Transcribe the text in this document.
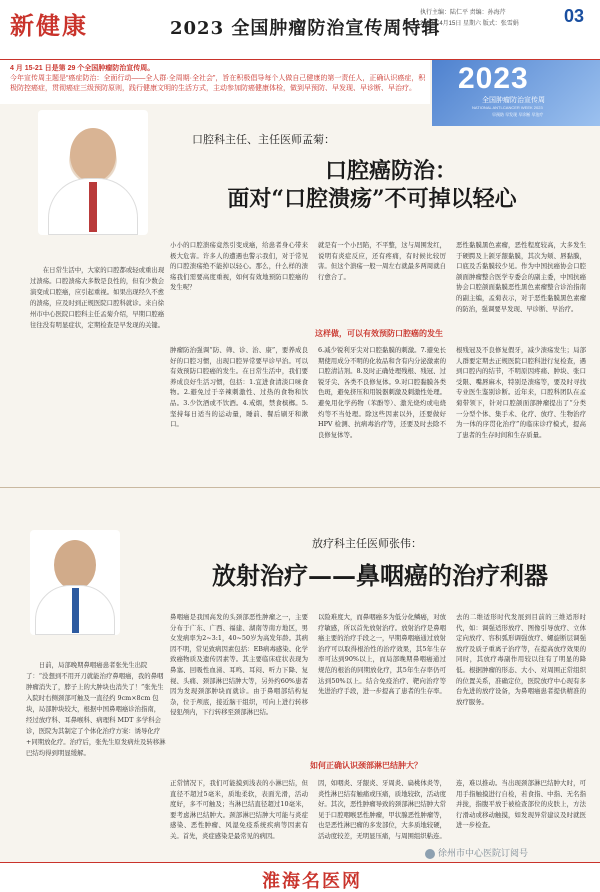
新健康	2023 全国肿瘤防治宣传周特辑
执行主编：陆仁平 责编：孙海芹
2023年4月15日 星期六 版式：张雪娟	03
4 月 15-21 日是第 29 个全国肿瘤防治宣传周。
今年宣传周主题是“癌症防治：全面行动——全人群·全周期·全社会”，旨在积极倡导每个人做自己健康的第一责任人，正确认识癌症，积极防控癌症，贯彻癌症三级预防原则，践行健康文明的生活方式，主动参加防癌健康体检，做到早预防、早发现、早诊断、早治疗。	2023
全国肿瘤防治宣传周
NATIONAL ANTI-CANCER WEEK 2023
早预防 早发现 早诊断 早治疗
口腔科主任、主任医师孟菊：
口腔癌防治：
面对“口腔溃疡”不可掉以轻心
在日常生活中，大家的口腔都或轻或重出现过溃疡。口腔溃疡大多数是良性的，但有少数会演变成口腔癌，应引起重视。如果出现经久不愈的溃疡，应及时到正规医院口腔科就诊。来自徐州市中心医院口腔科主任孟菊介绍，早期口腔癌往往没有明显症状，定期检查是早发现的关键。
小小的口腔溃疡竟然引变成癌，给患者身心带来极大危害。许多人的遭遇也警示我们，对于常见的口腔溃疡绝不能掉以轻心。那么，什么样的溃疡我们需要高度重视，如何有效地预防口腔癌的发生呢？
就是有一个小凹陷，不平整，这与周围发红，说明有炎症反应，还有疼痛，有时候比较厉害。但这个溃疡一般一周左右就最多两周就自行愈合了。
恶性黏膜黑色素瘤，恶性程度较高，大多发生于硬腭及上颌牙龈黏膜，其次为颊、唇黏膜，口底及舌黏膜较少见。作为中国抗癌协会口腔颌面肿瘤整合医学专委会的副主委，中国抗癌协会口腔颌面黏膜恶性黑色素瘤整合诊治指南的副主编，孟菊表示，对于恶性黏膜黑色素瘤的防治，强调要早发现、早诊断、早治疗。
这样做，可以有效预防口腔癌的发生
肿瘤防治强调“防、筛、诊、治、康”，要养成良好的口腔习惯，出现口腔异常要早诊早治。可以有效预防口腔癌的发生。在日常生活中，我们要养成良好生活习惯，包括：1.宜进食清淡口味食物。2.避免过于辛辣刺激性、过热的食物和饮品。3.少饮酒或不饮酒。4.戒烟，禁食槟榔。5.坚持每日适当的运动量，睡前、餐后刷牙和漱口。
6.减少锐利牙尖对口腔黏膜的刺激。7.避免长期使用成分不明的化妆品和含有内分泌激素的口腔清洁剂。8.及时正确处理残根、残冠、过锐牙尖、各类不良修复体。9.对口腔黏膜各类色斑，避免挤压和用锐器刺激及刺激性处理。避免用化学药物（苯酚等）、激光烧灼或电烧灼等不当处理。除这些因素以外，还要做好 HPV 检测、抗病毒治疗等，还要及时去除不良修复体等。
根残冠及不良修复假牙，减少溃疡发生；局部人群要定期去正规医院口腔科进行复检查，遇到口腔内的结节，不明原因疼痛、肿块、张口受限、嘴唇麻木，特别是溃疡等，要及时寻找专业医生鉴别诊断。近年来，口腔科团队在孟菊带领下，针对口腔颌面部肿瘤提出了“分类一分型个体、集手术、化疗、放疗、生物治疗为一体的序贯化治疗”的临床诊疗模式，提高了患者的生存时间和生存质量。
放疗科主任医师张伟：
放射治疗——鼻咽癌的治疗利器
日前，局部晚期鼻咽癌患者张先生出院了：“没想到不用开刀就能治疗鼻咽癌，我的鼻咽肿瘤消失了，脖子上的大肿块也消失了！”张先生入院时右侧颈部可触及一直径约 9cm×8cm 包块，局部肿块较大，根据中国鼻咽癌诊治指南，经过放疗科、耳鼻喉科、病理科 MDT 多学科会诊，医院为其制定了个体化治疗方案：诱导化疗+同期放化疗。治疗后，张先生原发病灶及转移淋巴结均得到明显缓解。
鼻咽癌是我国高发的头颈部恶性肿瘤之一，主要分布于广东、广西、福建、湖南等南方地区，男女发病率为2~3:1，40~50岁为高发年龄。其病因不明，常见致病因素包括：EB病毒感染、化学致癌物质及遗传因素等。其主要临床症状表现为鼻塞、回吸性血涕、耳鸣、耳闷、听力下降、复视、头痛、颈部淋巴结肿大等，另外约60%患者因为发现颈部肿块而就诊。由于鼻咽部结构复杂，位于颅底，接近脑干组织，可向上进行转移侵犯颅内，下行转移至颈部淋巴结。
以险难度大，而鼻咽癌多为低分化鳞癌，对放疗敏感，所以首先放射治疗。放射治疗是鼻咽癌主要的治疗手段之一，早期鼻咽癌通过放射治疗可以取得根治性的治疗效果，其5年生存率可达到90%以上，而局部晚期鼻咽癌通过规范的根治的同期放化疗，其5年生存率仍可达到50%以上。结合免疫治疗、靶向治疗等先进治疗手段，进一步提高了患者的生存率。
去的二维适形时代发展到目前的三维适形时代，如：调强适形放疗、图像引导放疗、立体定向放疗、容积弧形调强放疗、螺旋断层调强放疗及质子重离子治疗等，在提高放疗效果的同时，其放疗毒副作用较以往有了明显的降低。根据肿瘤的形态、大小、对周围正常组织的位置关系，准确定位，医院放疗中心现有多台先进的放疗设备，为鼻咽癌患者提供精准的放疗服务。
如何正确认识颈部淋巴结肿大？
正常情况下，我们可能摸到浅表的小淋巴结，但直径不超过5毫米，质地柔软，表面光滑，活动度好，多不可触及；当淋巴结直径超过10毫米，要考虑淋巴结肿大。颈部淋巴结肿大可能与炎症感染、恶性肿瘤、风湿免疫系统疾病等因素有关。首先，炎症感染是最常见的病因。
因，如咽炎、牙龈炎、牙周炎、扁桃体炎等，炎性淋巴结有触痛或压痛，质地较软，活动度好。其次，恶性肿瘤导致的颈部淋巴结肿大常见于口腔咽喉恶性肿瘤，甲状腺恶性肿瘤等，也是恶性淋巴瘤的多发部位，大多质地较硬，活动度较差，无明显压痛，与周围组织粘连。
连，难以推动。当出现颈部淋巴结肿大时，可用手指触摸进行自检，若食指、中指、无名指并拢，指腹平放于被检查部位的皮肤上，方法行滑动或移动触摸，如发现异常建议及时就医进一步检查。
徐州市中心医院订阅号
淮海名医网
